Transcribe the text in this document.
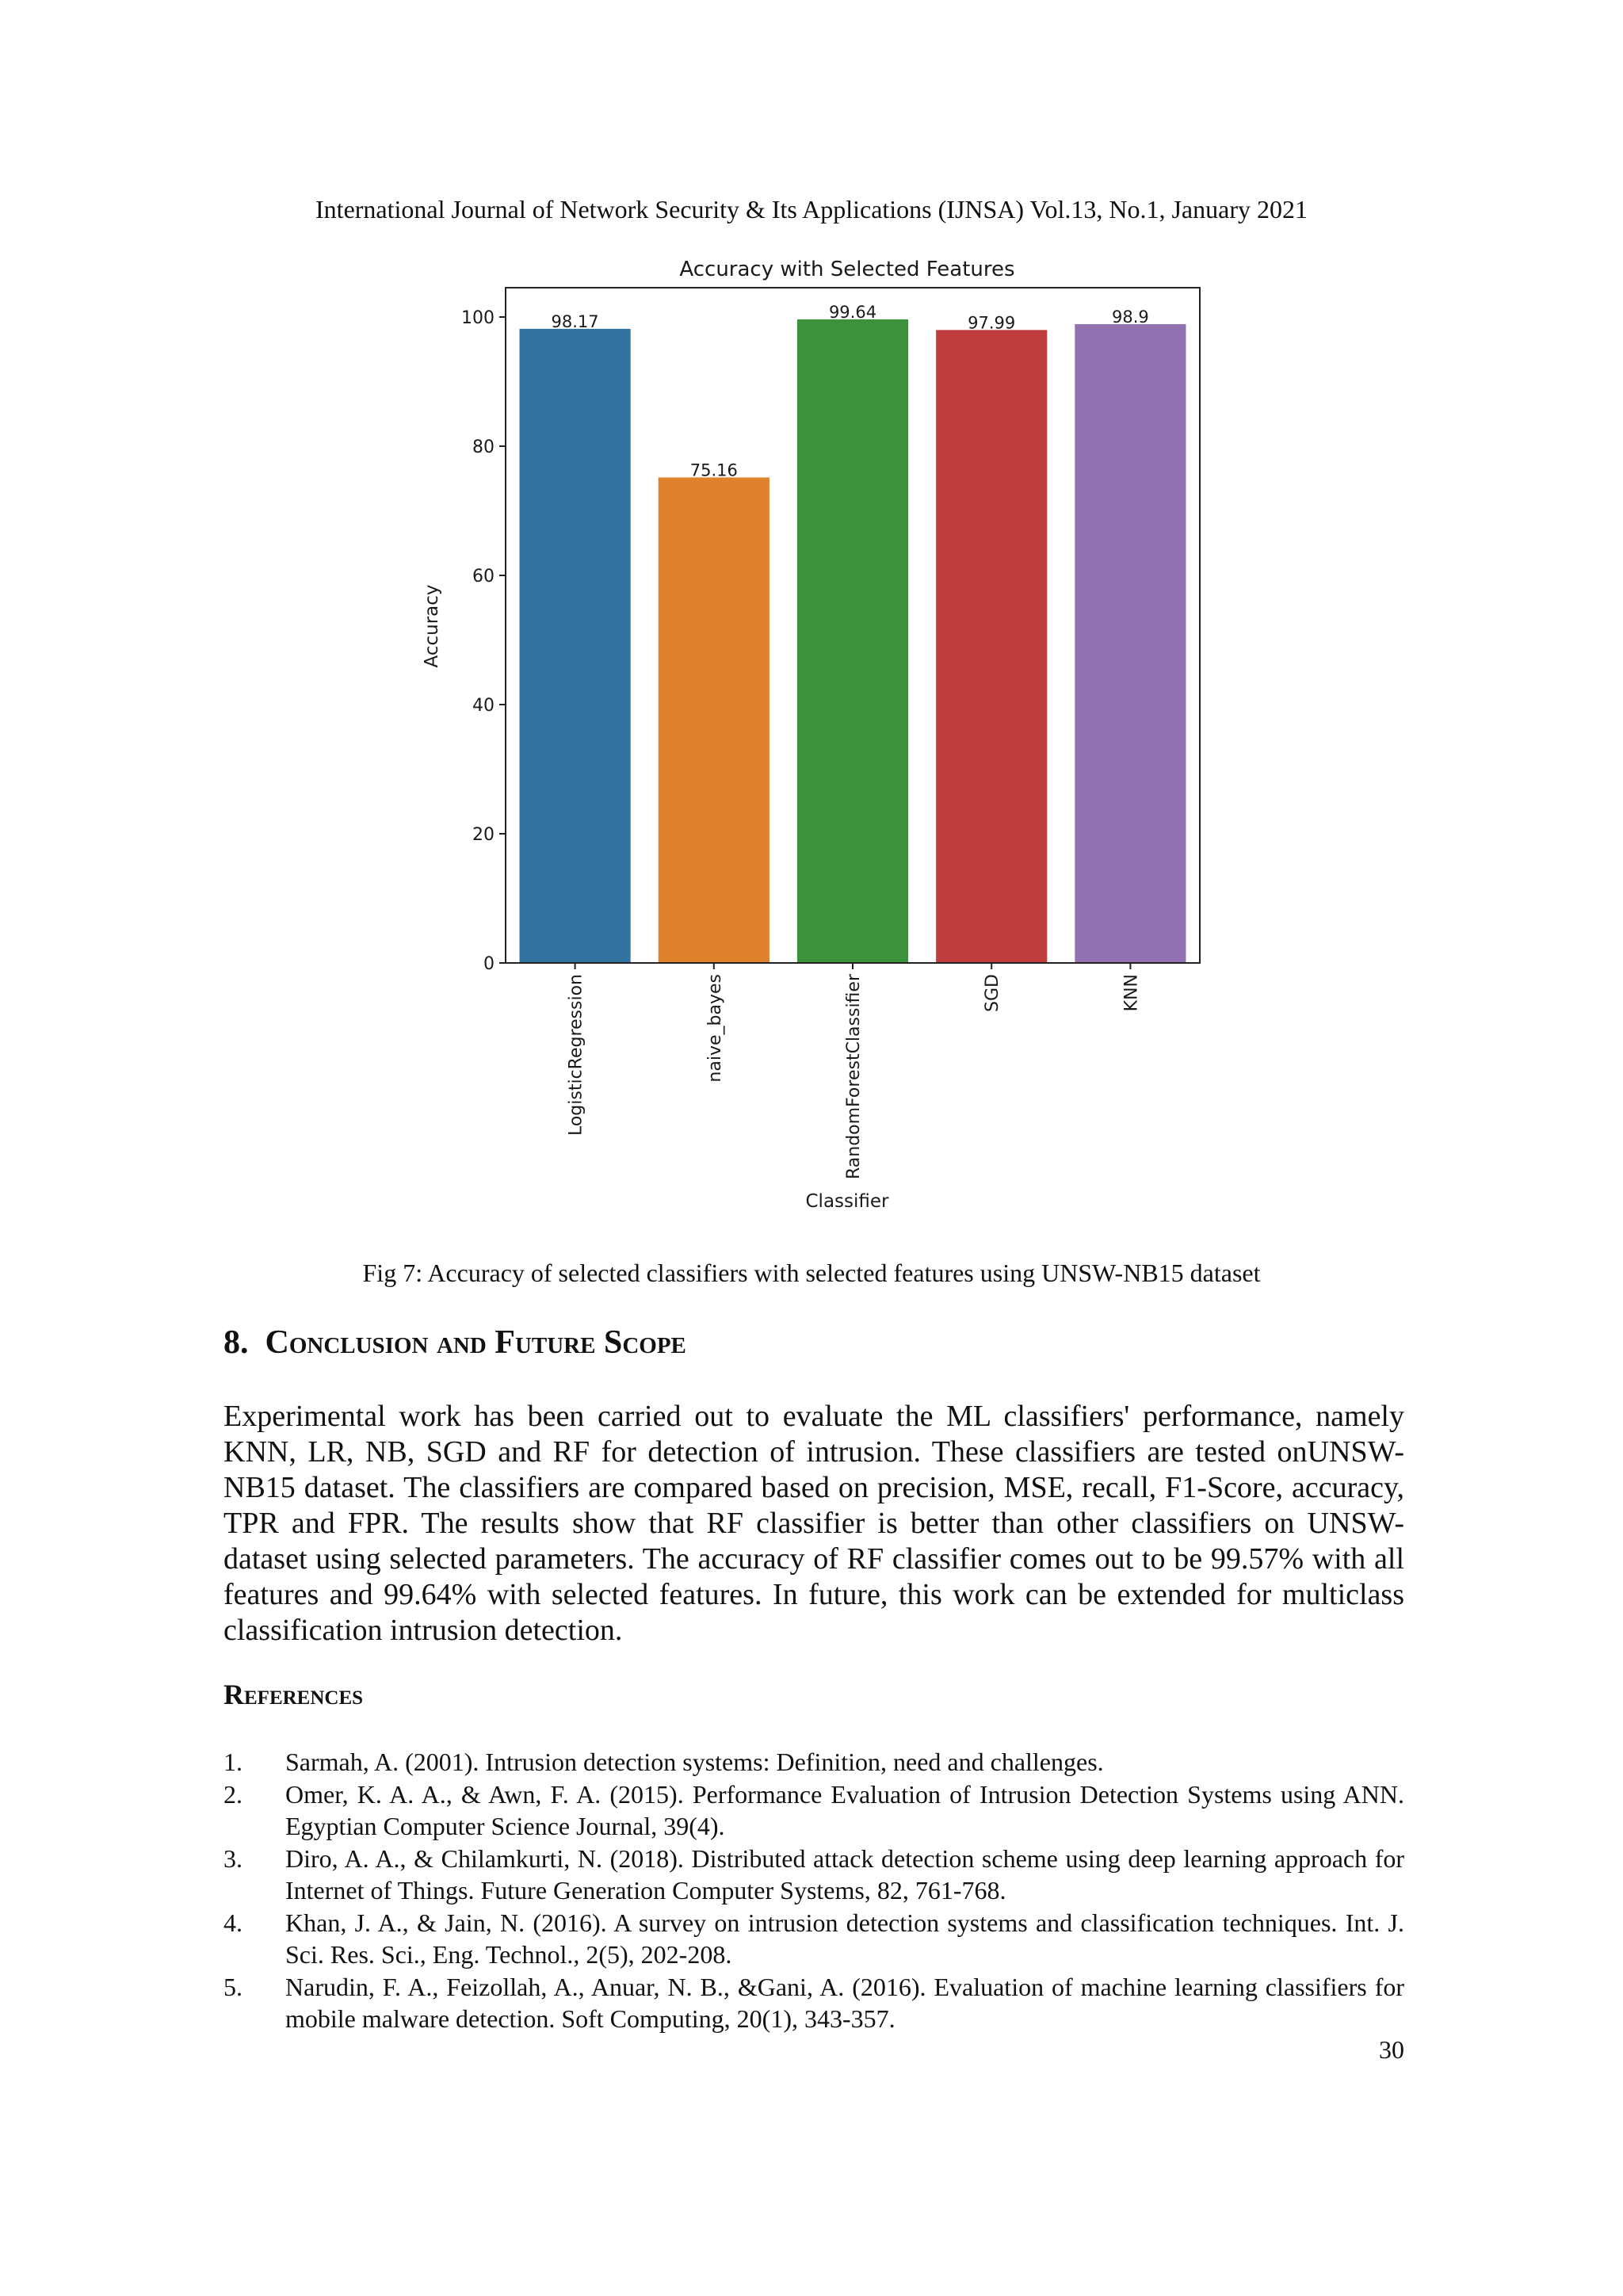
International Journal of Network Security & Its Applications (IJNSA) Vol.13, No.1, January 2021
Accuracy with Selected Features
98.17
75.16
99.64
97.99	98.9
0
20
40
60
80
100
LogisticRegression	naive_bayes	RandomForestClassifier	SGD	KNN
Accuracy
Classifier
Fig 7: Accuracy of selected classifiers with selected features using UNSW-NB15 dataset
8. Conclusion and Future Scope

Experimental work has been carried out to evaluate the ML classifiers' performance, namely KNN, LR, NB, SGD and RF for detection of intrusion. These classifiers are tested onUNSW-NB15 dataset. The classifiers are compared based on precision, MSE, recall, F1-Score, accuracy, TPR and FPR. The results show that RF classifier is better than other classifiers on UNSW-dataset using selected parameters. The accuracy of RF classifier comes out to be 99.57% with all features and 99.64% with selected features. In future, this work can be extended for multiclass classification intrusion detection.

References
1. Sarmah, A. (2001). Intrusion detection systems: Definition, need and challenges.
2. Omer, K. A. A., & Awn, F. A. (2015). Performance Evaluation of Intrusion Detection Systems using ANN. Egyptian Computer Science Journal, 39(4).
3. Diro, A. A., & Chilamkurti, N. (2018). Distributed attack detection scheme using deep learning approach for Internet of Things. Future Generation Computer Systems, 82, 761-768.
4. Khan, J. A., & Jain, N. (2016). A survey on intrusion detection systems and classification techniques. Int. J. Sci. Res. Sci., Eng. Technol., 2(5), 202-208.
5. Narudin, F. A., Feizollah, A., Anuar, N. B., &Gani, A. (2016). Evaluation of machine learning classifiers for mobile malware detection. Soft Computing, 20(1), 343-357.
30
